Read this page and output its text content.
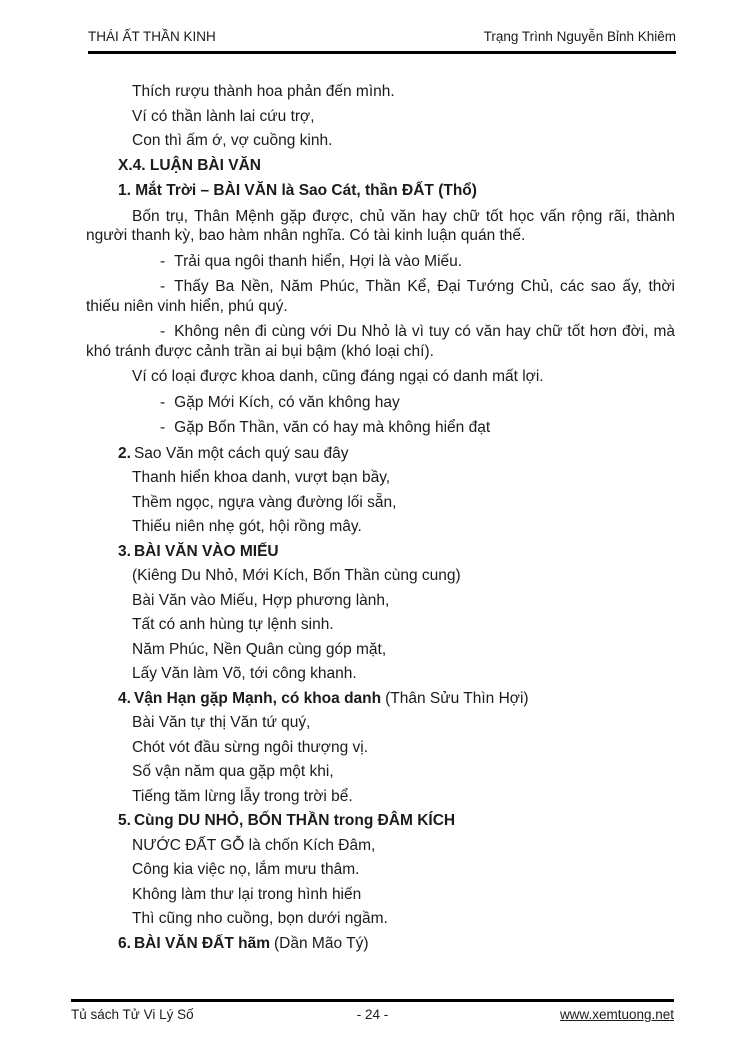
THÁI ẤT THẦN KINH	Trạng Trình Nguyễn Bỉnh Khiêm
Thích rượu thành hoa phản đến mình.
Ví có thần lành lai cứu trợ,
Con thì ấm ớ, vợ cuồng kinh.
X.4. LUẬN BÀI VĂN
1. Mắt Trời – BÀI VĂN là Sao Cát, thần ĐẤT (Thổ)
Bốn trụ, Thân Mệnh gặp được, chủ văn hay chữ tốt học vấn rộng rãi, thành người thanh kỳ, bao hàm nhân nghĩa. Có tài kinh luận quán thế.
- Trải qua ngôi thanh hiển, Hợi là vào Miếu.
- Thấy Ba Nền, Năm Phúc, Thần Kể, Đại Tướng Chủ, các sao ấy, thời thiếu niên vinh hiển, phú quý.
- Không nên đi cùng với Du Nhỏ là vì tuy có văn hay chữ tốt hơn đời, mà khó tránh được cảnh trần ai bụi bậm (khó loại chí).
Ví có loại được khoa danh, cũng đáng ngại có danh mất lợi.
- Gặp Mới Kích, có văn không hay
- Gặp Bốn Thần, văn có hay mà không hiển đạt
2. Sao Văn một cách quý sau đây
Thanh hiển khoa danh, vượt bạn bầy,
Thềm ngọc, ngựa vàng đường lối sẵn,
Thiếu niên nhẹ gót, hội rồng mây.
3. BÀI VĂN VÀO MIẾU
(Kiêng Du Nhỏ, Mới Kích, Bốn Thần cùng cung)
Bài Văn vào Miếu, Hợp phương lành,
Tất có anh hùng tự lệnh sinh.
Năm Phúc, Nền Quân cùng góp mặt,
Lấy Văn làm Võ, tới công khanh.
4. Vận Hạn gặp Mạnh, có khoa danh (Thân Sửu Thìn Hợi)
Bài Văn tự thị Văn tứ quý,
Chót vót đầu sừng ngôi thượng vị.
Số vận năm qua gặp một khi,
Tiếng tăm lừng lẫy trong trời bể.
5. Cùng DU NHỎ, BỐN THẦN trong ĐÂM KÍCH
NƯỚC ĐẤT GỖ là chốn Kích Đâm,
Công kia việc nọ, lắm mưu thâm.
Không làm thư lại trong hình hiến
Thì cũng nho cuồng, bọn dưới ngầm.
6. BÀI VĂN ĐẤT hãm (Dần Mão Tý)
Tủ sách Tử Vi Lý Số	- 24 -	www.xemtuong.net
